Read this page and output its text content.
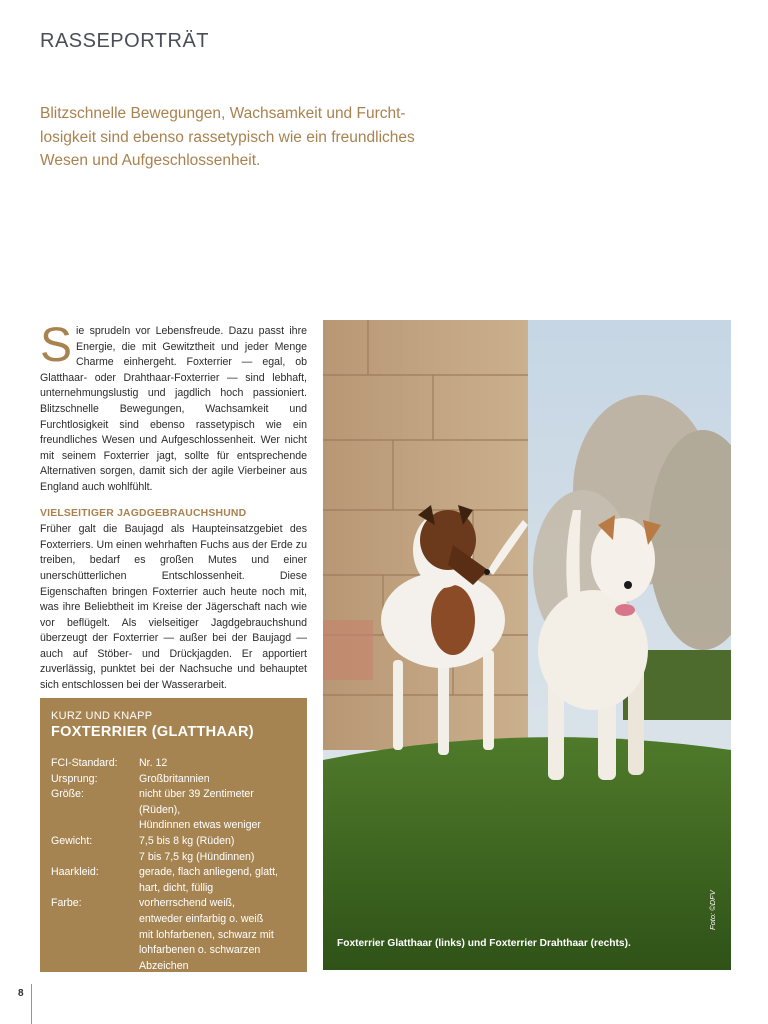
RASSEPORTRÄT
Blitzschnelle Bewegungen, Wachsamkeit und Furcht-
losigkeit sind ebenso rassetypisch wie ein freundliches
Wesen und Aufgeschlossenheit.

Sie sprudeln vor Lebensfreude. Dazu passt ihre Energie, die mit Gewitztheit und jeder Menge Charme einhergeht. Foxterrier — egal, ob Glatthaar- oder Drahthaar-Foxterrier — sind lebhaft, unternehmungslustig und jagdlich hoch passioniert. Blitzschnelle Bewegungen, Wachsamkeit und Furchtlosigkeit sind ebenso rassetypisch wie ein freundliches Wesen und Aufgeschlossenheit. Wer nicht mit seinem Foxterrier jagt, sollte für entsprechende Alternativen sorgen, damit sich der agile Vierbeiner aus England auch wohlfühlt.

VIELSEITIGER JAGDGEBRAUCHSHUND

Früher galt die Baujagd als Haupteinsatzgebiet des Foxterriers. Um einen wehrhaften Fuchs aus der Erde zu treiben, bedarf es großen Mutes und einer unerschütterlichen Entschlossenheit. Diese Eigenschaften bringen Foxterrier auch heute noch mit, was ihre Beliebtheit im Kreise der Jägerschaft nach wie vor beflügelt. Als vielseitiger Jagdgebrauchshund überzeugt der Foxterrier — außer bei der Baujagd — auch auf Stöber- und Drückjagden. Er apportiert zuverlässig, punktet bei der Nachsuche und behauptet sich entschlossen bei der Wasserarbeit.

KURZ UND KNAPP
FOXTERRIER (GLATTHAAR)
FCI-Standard:	Nr. 12
Ursprung:	Großbritannien
Größe:	nicht über 39 Zentimeter (Rüden),
Hündinnen etwas weniger
Gewicht:	7,5 bis 8 kg (Rüden)
7 bis 7,5 kg (Hündinnen)
Haarkleid:	gerade, flach anliegend, glatt,
hart, dicht, füllig
Farbe:	vorherrschend weiß,
entweder einfarbig o. weiß
mit lohfarbenen, schwarz mit
lohfarbenen o. schwarzen
Abzeichen
Foxterrier Glatthaar (links) und Foxterrier Drahthaar (rechts).
Foto: ©DFV
8
